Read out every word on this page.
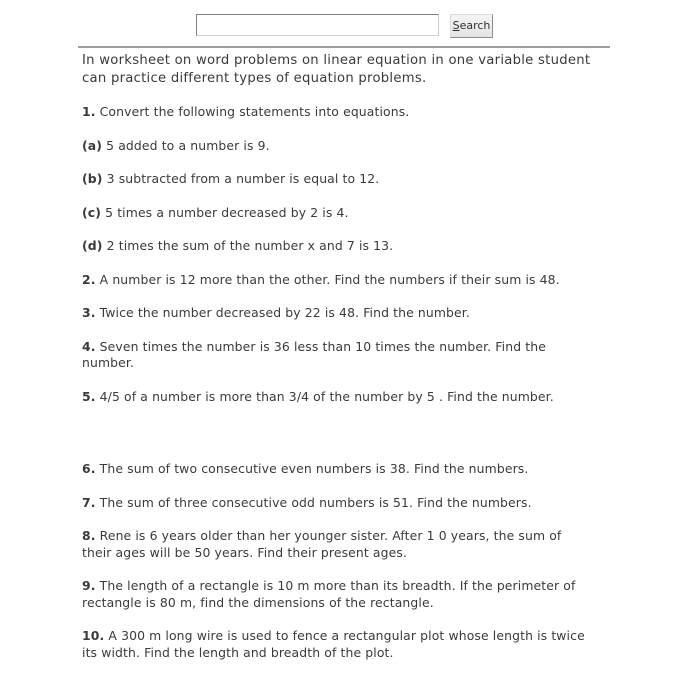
Search

In worksheet on word problems on linear equation in one variable student can practice different types of equation problems.

1. Convert the following statements into equations.

(a) 5 added to a number is 9.

(b) 3 subtracted from a number is equal to 12.

(c) 5 times a number decreased by 2 is 4.

(d) 2 times the sum of the number x and 7 is 13.

2. A number is 12 more than the other. Find the numbers if their sum is 48.

3. Twice the number decreased by 22 is 48. Find the number.

4. Seven times the number is 36 less than 10 times the number. Find the number.

5. 4/5 of a number is more than 3/4 of the number by 5 . Find the number.

6. The sum of two consecutive even numbers is 38. Find the numbers.

7. The sum of three consecutive odd numbers is 51. Find the numbers.

8. Rene is 6 years older than her younger sister. After 1 0 years, the sum of their ages will be 50 years. Find their present ages.

9. The length of a rectangle is 10 m more than its breadth. If the perimeter of rectangle is 80 m, find the dimensions of the rectangle.

10. A 300 m long wire is used to fence a rectangular plot whose length is twice its width. Find the length and breadth of the plot.
